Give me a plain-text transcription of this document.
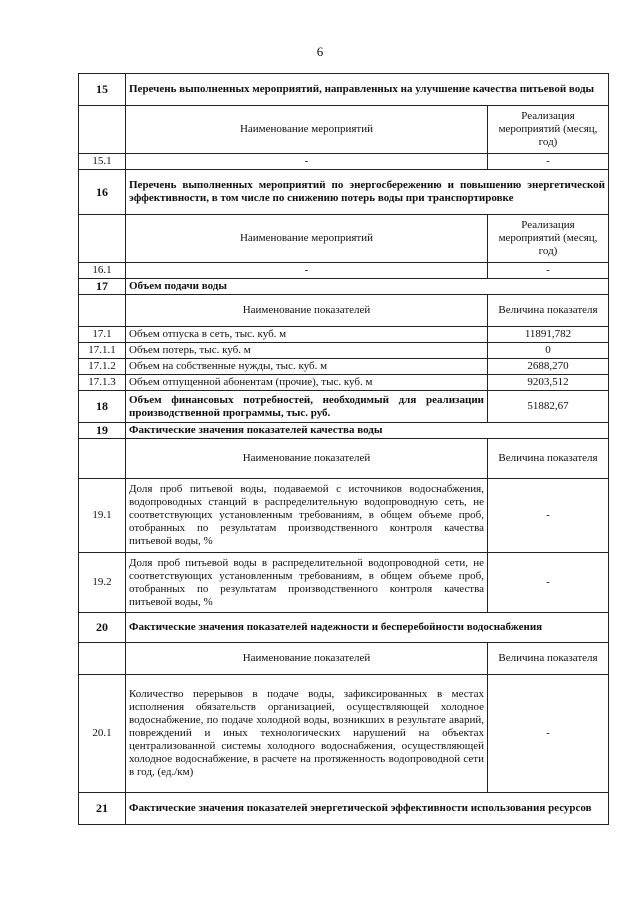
6
15	Перечень выполненных мероприятий, направленных на улучшение качества питьевой воды	
	Наименование мероприятий	Реализация мероприятий (месяц, год)
15.1	-	-
16	Перечень выполненных мероприятий по энергосбережению и повышению энергетической эффективности, в том числе по снижению потерь воды при транспортировке	
	Наименование мероприятий	Реализация мероприятий (месяц, год)
16.1	-	-
17	Объем подачи воды	
	Наименование показателей	Величина показателя
17.1	Объем отпуска в сеть, тыс. куб. м	11891,782
17.1.1	Объем потерь, тыс. куб. м	0
17.1.2	Объем на собственные нужды, тыс. куб. м	2688,270
17.1.3	Объем отпущенной абонентам (прочие), тыс. куб. м	9203,512
18	Объем финансовых потребностей, необходимый для реализации производственной программы, тыс. руб.	51882,67
19	Фактические значения показателей качества воды	
	Наименование показателей	Величина показателя
19.1	Доля проб питьевой воды, подаваемой с источников водоснабжения, водопроводных станций в распределительную водопроводную сеть, не соответствующих установленным требованиям, в общем объеме проб, отобранных по результатам производственного контроля качества питьевой воды, %	-
19.2	Доля проб питьевой воды в распределительной водопроводной сети, не соответствующих установленным требованиям, в общем объеме проб, отобранных по результатам производственного контроля качества питьевой воды, %	-
20	Фактические значения показателей надежности и бесперебойности водоснабжения	
	Наименование показателей	Величина показателя
20.1	Количество перерывов в подаче воды, зафиксированных в местах исполнения обязательств организацией, осуществляющей холодное водоснабжение, по подаче холодной воды, возникших в результате аварий, повреждений и иных технологических нарушений на объектах централизованной системы холодного водоснабжения, осуществляющей холодное водоснабжение, в расчете на протяженность водопроводной сети в год, (ед./км)	-
21	Фактические значения показателей энергетической эффективности использования ресурсов	
